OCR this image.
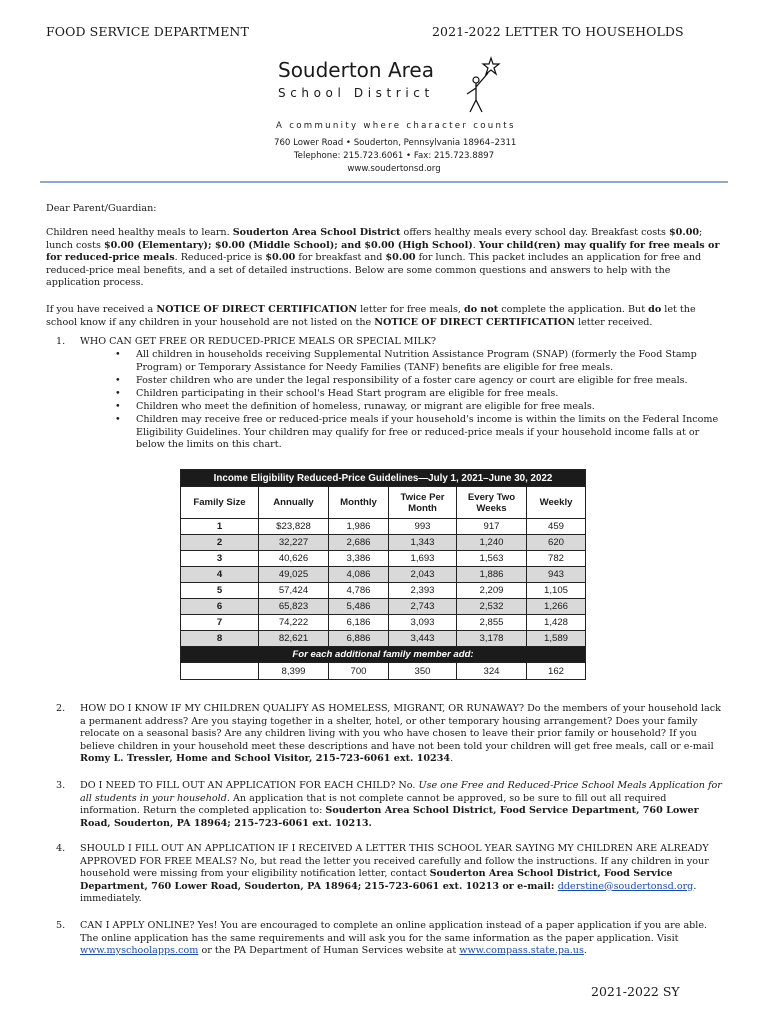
FOOD SERVICE DEPARTMENT	2021-2022 LETTER TO HOUSEHOLDS
Souderton Area
School District
A community where character counts
760 Lower Road • Souderton, Pennsylvania 18964–2311
Telephone: 215.723.6061 • Fax: 215.723.8897
www.soudertonsd.org
Dear Parent/Guardian:
Children need healthy meals to learn. Souderton Area School District offers healthy meals every school day. Breakfast costs $0.00; lunch costs $0.00 (Elementary); $0.00 (Middle School); and $0.00 (High School). Your child(ren) may qualify for free meals or for reduced-price meals. Reduced-price is $0.00 for breakfast and $0.00 for lunch. This packet includes an application for free and reduced-price meal benefits, and a set of detailed instructions. Below are some common questions and answers to help with the application process.
If you have received a NOTICE OF DIRECT CERTIFICATION letter for free meals, do not complete the application. But do let the school know if any children in your household are not listed on the NOTICE OF DIRECT CERTIFICATION letter received.
1. WHO CAN GET FREE OR REDUCED-PRICE MEALS OR SPECIAL MILK?
• All children in households receiving Supplemental Nutrition Assistance Program (SNAP) (formerly the Food Stamp Program) or Temporary Assistance for Needy Families (TANF) benefits are eligible for free meals.
• Foster children who are under the legal responsibility of a foster care agency or court are eligible for free meals.
• Children participating in their school's Head Start program are eligible for free meals.
• Children who meet the definition of homeless, runaway, or migrant are eligible for free meals.
• Children may receive free or reduced-price meals if your household's income is within the limits on the Federal Income Eligibility Guidelines. Your children may qualify for free or reduced-price meals if your household income falls at or below the limits on this chart.
Income Eligibility Reduced-Price Guidelines—July 1, 2021–June 30, 2022					
Family Size	Annually	Monthly	Twice Per Month	Every Two Weeks	Weekly
1	$23,828	1,986	993	917	459
2	32,227	2,686	1,343	1,240	620
3	40,626	3,386	1,693	1,563	782
4	49,025	4,086	2,043	1,886	943
5	57,424	4,786	2,393	2,209	1,105
6	65,823	5,486	2,743	2,532	1,266
7	74,222	6,186	3,093	2,855	1,428
8	82,621	6,886	3,443	3,178	1,589
For each additional family member add:					
	8,399	700	350	324	162
2. HOW DO I KNOW IF MY CHILDREN QUALIFY AS HOMELESS, MIGRANT, OR RUNAWAY? Do the members of your household lack a permanent address? Are you staying together in a shelter, hotel, or other temporary housing arrangement? Does your family relocate on a seasonal basis? Are any children living with you who have chosen to leave their prior family or household? If you believe children in your household meet these descriptions and have not been told your children will get free meals, call or e-mail Romy L. Tressler, Home and School Visitor, 215-723-6061 ext. 10234.
3. DO I NEED TO FILL OUT AN APPLICATION FOR EACH CHILD? No. Use one Free and Reduced-Price School Meals Application for all students in your household. An application that is not complete cannot be approved, so be sure to fill out all required information. Return the completed application to: Souderton Area School District, Food Service Department, 760 Lower Road, Souderton, PA 18964; 215-723-6061 ext. 10213.
4. SHOULD I FILL OUT AN APPLICATION IF I RECEIVED A LETTER THIS SCHOOL YEAR SAYING MY CHILDREN ARE ALREADY APPROVED FOR FREE MEALS? No, but read the letter you received carefully and follow the instructions. If any children in your household were missing from your eligibility notification letter, contact Souderton Area School District, Food Service Department, 760 Lower Road, Souderton, PA 18964; 215-723-6061 ext. 10213 or e-mail: dderstine@soudertonsd.org. immediately.
5. CAN I APPLY ONLINE? Yes! You are encouraged to complete an online application instead of a paper application if you are able. The online application has the same requirements and will ask you for the same information as the paper application. Visit www.myschoolapps.com or the PA Department of Human Services website at www.compass.state.pa.us.
2021-2022 SY
